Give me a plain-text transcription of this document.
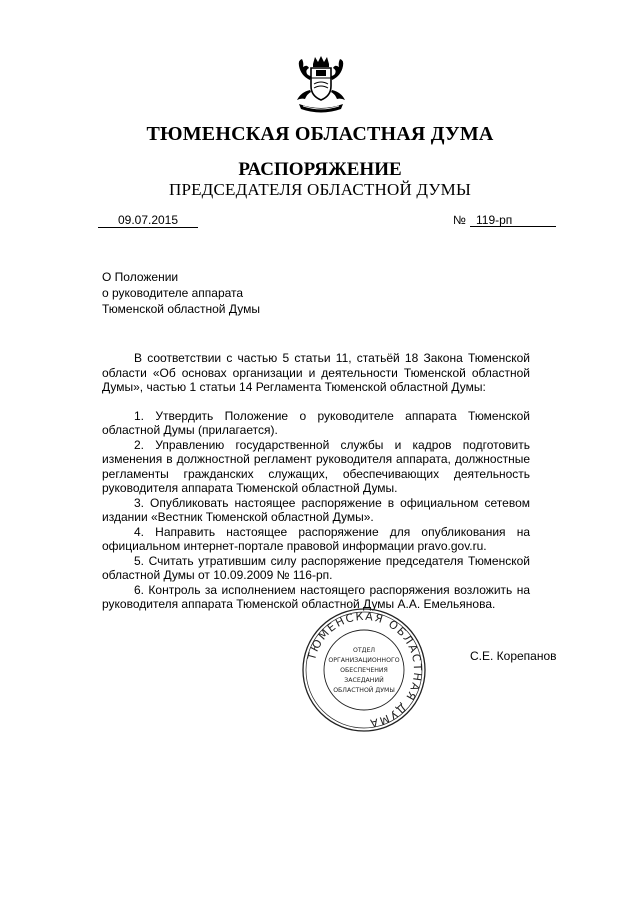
ТЮМЕНСКАЯ ОБЛАСТНАЯ ДУМА
РАСПОРЯЖЕНИЕ
ПРЕДСЕДАТЕЛЯ ОБЛАСТНОЙ ДУМЫ
09.07.2015	№ 119-рп
О Положении
о руководителе аппарата
Тюменской областной Думы

В соответствии с частью 5 статьи 11, статьёй 18 Закона Тюменской области «Об основах организации и деятельности Тюменской областной Думы», частью 1 статьи 14 Регламента Тюменской областной Думы:

1. Утвердить Положение о руководителе аппарата Тюменской областной Думы (прилагается).

2. Управлению государственной службы и кадров подготовить изменения в должностной регламент руководителя аппарата, должностные регламенты гражданских служащих, обеспечивающих деятельность руководителя аппарата Тюменской областной Думы.

3. Опубликовать настоящее распоряжение в официальном сетевом издании «Вестник Тюменской областной Думы».

4. Направить настоящее распоряжение для опубликования на официальном интернет-портале правовой информации pravo.gov.ru.

5. Считать утратившим силу распоряжение председателя Тюменской областной Думы от 10.09.2009 № 116-рп.

6. Контроль за исполнением настоящего распоряжения возложить на руководителя аппарата Тюменской областной Думы А.А. Емельянова.

ТЮМЕНСКАЯ ОБЛАСТНАЯ ДУМА
ОТДЕЛ
ОРГАНИЗАЦИОННОГО
ОБЕСПЕЧЕНИЯ
ЗАСЕДАНИЙ
ОБЛАСТНОЙ ДУМЫ
С.Е. Корепанов
